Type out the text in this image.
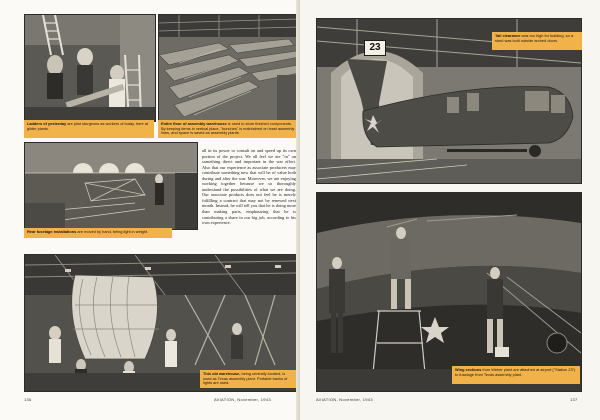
Ladders of yesterday are pilot sturgeons as workers of today, here at glider plants.
Entire floor of assembly warehouse is used to store finished components. By keeping items in vertical place, "bunches" is maintained on least assembly lines, and space is saved as assembly plants.
Rear fuselage installations are moved by hand, being light in weight.

all in its power to consult on and speed up its own portion of the project. We all feel we are "in" on something direct and important in the war effort. Also that our experience as associate producers may contribute something new that will be of value both during and after the war. Moreover, we are enjoying working together because we so thoroughly understand the possibilities of what we are doing. Our associate products does not feel he is merely fulfilling a contract that may not be renewed next month. Instead, he will tell you that he is doing more than making parts, emphasizing that he is contributing a share in our big job, according to his own experience.

This old warehouse, being centrally located, is used as Texas assembly plant. Portable banks of lights are used.
136	AVIATION, November, 1943
23
Tail clearance was too high for building, so a shed was built outside arched doors.
Wing sections from Weber plant are attached at airport ("Station 23") to fuselage from Texas assembly plant.
AVIATION, November, 1943	137
